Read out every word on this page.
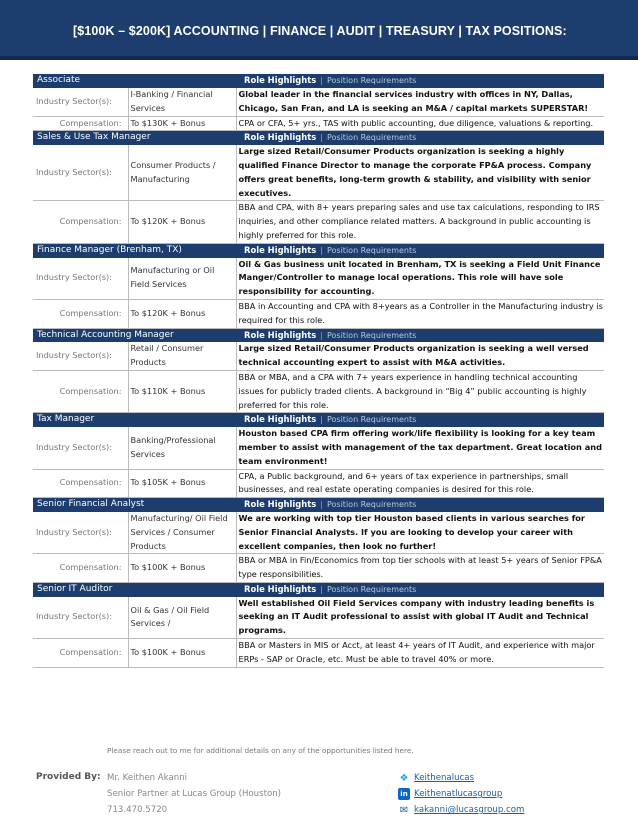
[$100K – $200K] ACCOUNTING | FINANCE | AUDIT | TREASURY | TAX POSITIONS:
Associate		Role Highlights | Position Requirements
Industry Sector(s):	I-Banking / Financial Services	Global leader in the financial services industry with offices in NY, Dallas, Chicago, San Fran, and LA is seeking an M&A / capital markets SUPERSTAR!
Compensation:	To $130K + Bonus	CPA or CFA, 5+ yrs., TAS with public accounting, due diligence, valuations & reporting.
Sales & Use Tax Manager		Role Highlights | Position Requirements
Industry Sector(s):	Consumer Products / Manufacturing	Large sized Retail/Consumer Products organization is seeking a highly qualified Finance Director to manage the corporate FP&A process. Company offers great benefits, long-term growth & stability, and visibility with senior executives.
Compensation:	To $120K + Bonus	BBA and CPA, with 8+ years preparing sales and use tax calculations, responding to IRS inquiries, and other compliance related matters. A background in public accounting is highly preferred for this role.
Finance Manager (Brenham, TX)		Role Highlights | Position Requirements
Industry Sector(s):	Manufacturing or Oil Field Services	Oil & Gas business unit located in Brenham, TX is seeking a Field Unit Finance Manger/Controller to manage local operations. This role will have sole responsibility for accounting.
Compensation:	To $120K + Bonus	BBA in Accounting and CPA with 8+years as a Controller in the Manufacturing industry is required for this role.
Technical Accounting Manager		Role Highlights | Position Requirements
Industry Sector(s):	Retail / Consumer Products	Large sized Retail/Consumer Products organization is seeking a well versed technical accounting expert to assist with M&A activities.
Compensation:	To $110K + Bonus	BBA or MBA, and a CPA with 7+ years experience in handling technical accounting issues for publicly traded clients. A background in “Big 4” public accounting is highly preferred for this role.
Tax Manager		Role Highlights | Position Requirements
Industry Sector(s):	Banking/Professional Services	Houston based CPA firm offering work/life flexibility is looking for a key team member to assist with management of the tax department. Great location and team environment!
Compensation:	To $105K + Bonus	CPA, a Public background, and 6+ years of tax experience in partnerships, small businesses, and real estate operating companies is desired for this role.
Senior Financial Analyst		Role Highlights | Position Requirements
Industry Sector(s):	Manufacturing/ Oil Field Services / Consumer Products	We are working with top tier Houston based clients in various searches for Senior Financial Analysts. If you are looking to develop your career with excellent companies, then look no further!
Compensation:	To $100K + Bonus	BBA or MBA in Fin/Economics from top tier schools with at least 5+ years of Senior FP&A type responsibilities.
Senior IT Auditor		Role Highlights | Position Requirements
Industry Sector(s):	Oil & Gas / Oil Field Services /	Well established Oil Field Services company with industry leading benefits is seeking an IT Audit professional to assist with global IT Audit and Technical programs.
Compensation:	To $100K + Bonus	BBA or Masters in MIS or Acct, at least 4+ years of IT Audit, and experience with major ERPs - SAP or Oracle, etc. Must be able to travel 40% or more.
Please reach out to me for additional details on any of the opportunities listed here.
Provided By: Mr. Keithen Akanni
Senior Partner at Lucas Group (Houston)
713.470.5720
❖ Keithenalucas
in Keithenatlucasgroup
✉ kakanni@lucasgroup.com
